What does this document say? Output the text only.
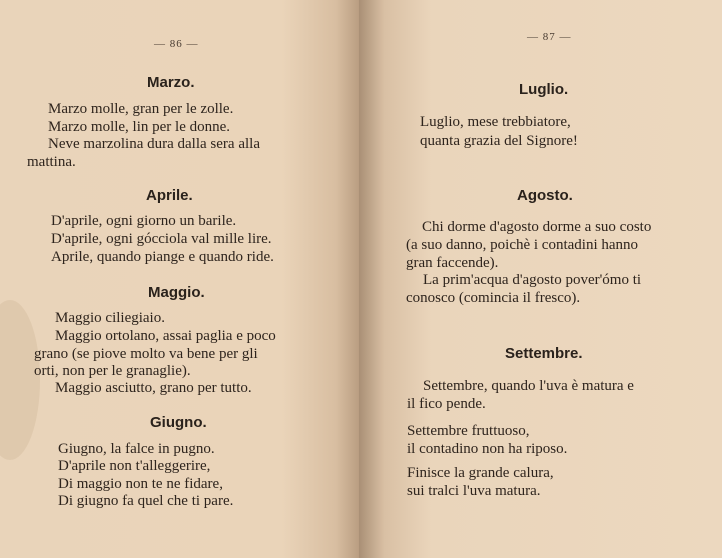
— 86 —
Marzo.
Marzo molle, gran per le zolle.
Marzo molle, lin per le donne.
Neve marzolina dura dalla sera alla
mattina.
Aprile.
D'aprile, ogni giorno un barile.
D'aprile, ogni gócciola val mille lire.
Aprile, quando piange e quando ride.
Maggio.
Maggio ciliegiaio.
Maggio ortolano, assai paglia e poco
grano (se piove molto va bene per gli
orti, non per le granaglie).
Maggio asciutto, grano per tutto.
Giugno.
Giugno, la falce in pugno.
D'aprile non t'alleggerire,
Di maggio non te ne fidare,
Di giugno fa quel che ti pare.
— 87 —
Luglio.
Luglio, mese trebbiatore,
quanta grazia del Signore!
Agosto.
Chi dorme d'agosto dorme a suo costo
(a suo danno, poichè i contadini hanno
gran faccende).
La prim'acqua d'agosto pover'ómo ti
conosco (comincia il fresco).
Settembre.
Settembre, quando l'uva è matura e
il fico pende.
Settembre fruttuoso,
il contadino non ha riposo.
Finisce la grande calura,
sui tralci l'uva matura.
